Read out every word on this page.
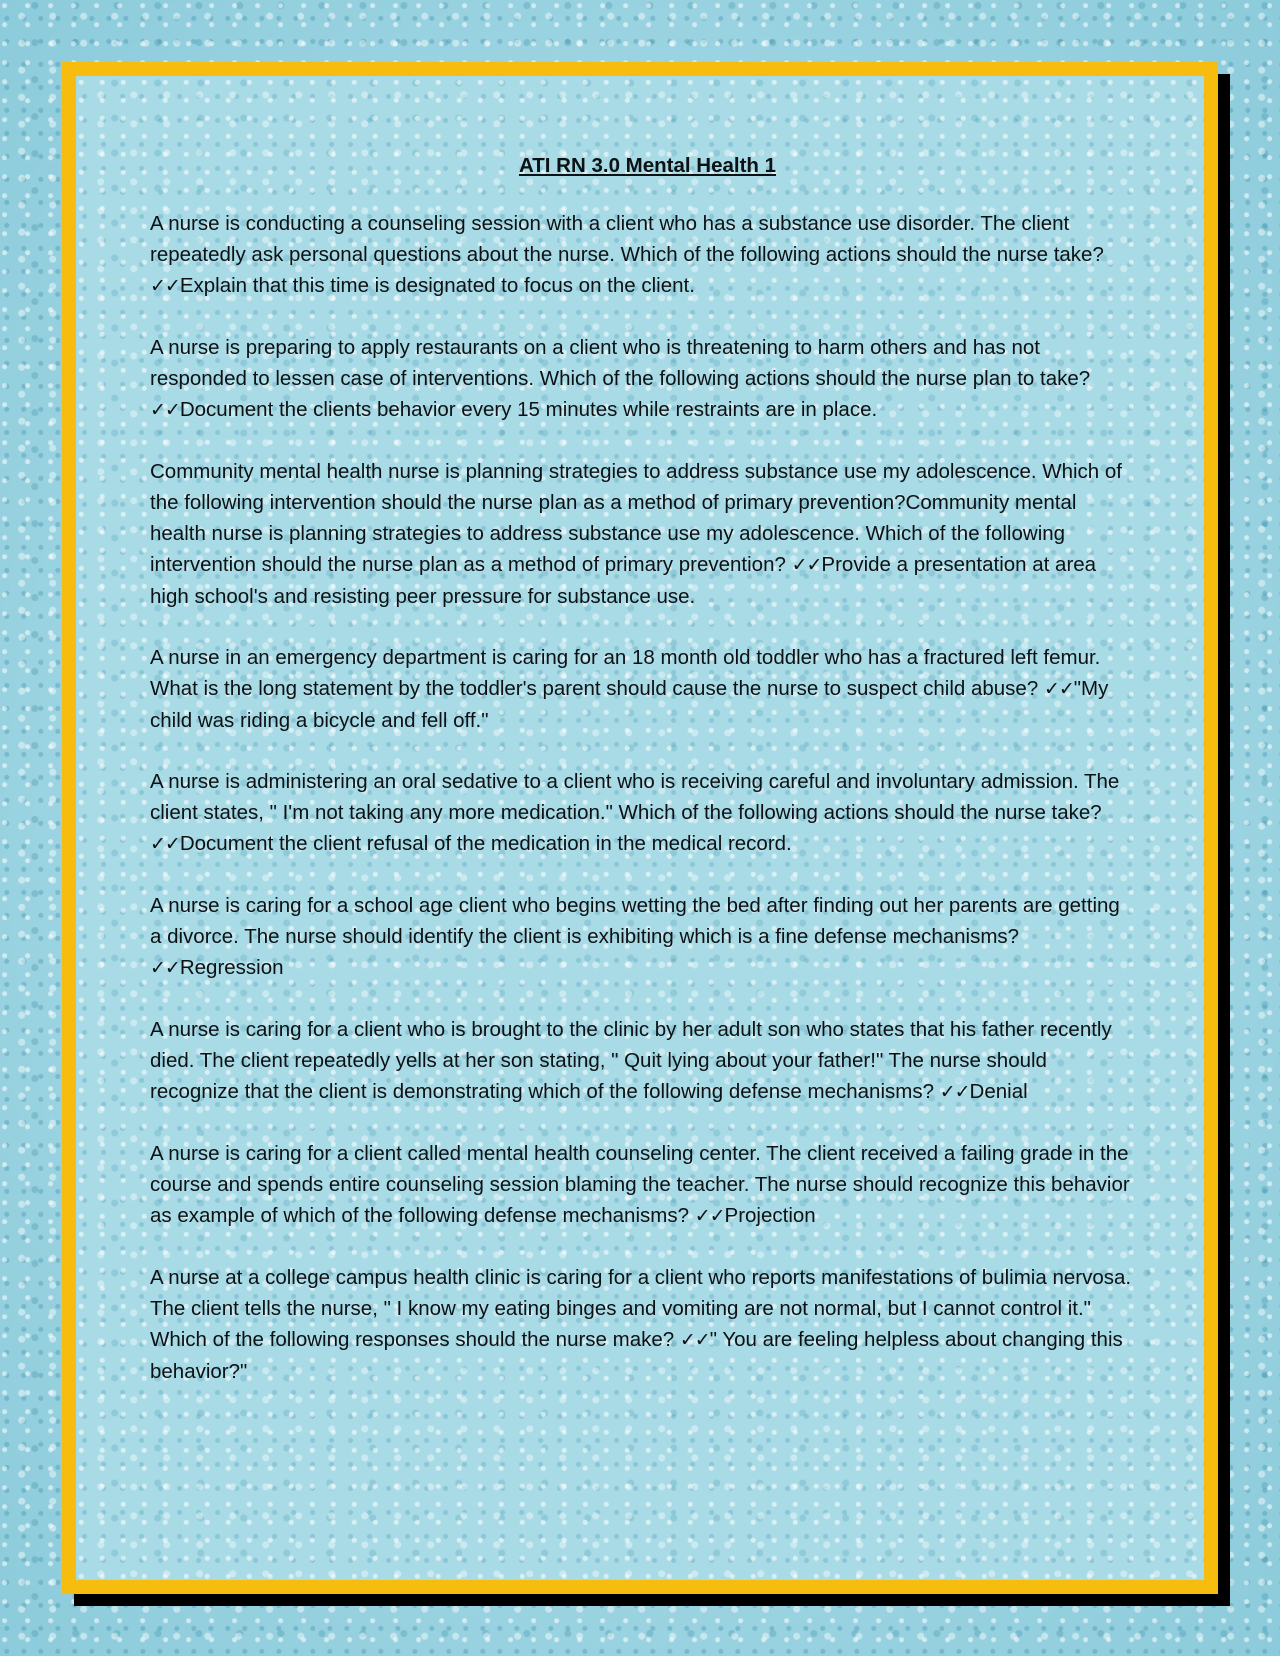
ATI RN 3.0 Mental Health 1
A nurse is conducting a counseling session with a client who has a substance use disorder. The client repeatedly ask personal questions about the nurse. Which of the following actions should the nurse take? ✓✓Explain that this time is designated to focus on the client.
A nurse is preparing to apply restaurants on a client who is threatening to harm others and has not responded to lessen case of interventions. Which of the following actions should the nurse plan to take? ✓✓Document the clients behavior every 15 minutes while restraints are in place.
Community mental health nurse is planning strategies to address substance use my adolescence. Which of the following intervention should the nurse plan as a method of primary prevention?Community mental health nurse is planning strategies to address substance use my adolescence. Which of the following intervention should the nurse plan as a method of primary prevention? ✓✓Provide a presentation at area high school's and resisting peer pressure for substance use.
A nurse in an emergency department is caring for an 18 month old toddler who has a fractured left femur. What is the long statement by the toddler's parent should cause the nurse to suspect child abuse? ✓✓"My child was riding a bicycle and fell off."
A nurse is administering an oral sedative to a client who is receiving careful and involuntary admission. The client states, " I'm not taking any more medication." Which of the following actions should the nurse take? ✓✓Document the client refusal of the medication in the medical record.
A nurse is caring for a school age client who begins wetting the bed after finding out her parents are getting a divorce. The nurse should identify the client is exhibiting which is a fine defense mechanisms? ✓✓Regression
A nurse is caring for a client who is brought to the clinic by her adult son who states that his father recently died. The client repeatedly yells at her son stating, " Quit lying about your father!" The nurse should recognize that the client is demonstrating which of the following defense mechanisms? ✓✓Denial
A nurse is caring for a client called mental health counseling center. The client received a failing grade in the course and spends entire counseling session blaming the teacher. The nurse should recognize this behavior as example of which of the following defense mechanisms? ✓✓Projection
A nurse at a college campus health clinic is caring for a client who reports manifestations of bulimia nervosa. The client tells the nurse, " I know my eating binges and vomiting are not normal, but I cannot control it." Which of the following responses should the nurse make? ✓✓" You are feeling helpless about changing this behavior?"
